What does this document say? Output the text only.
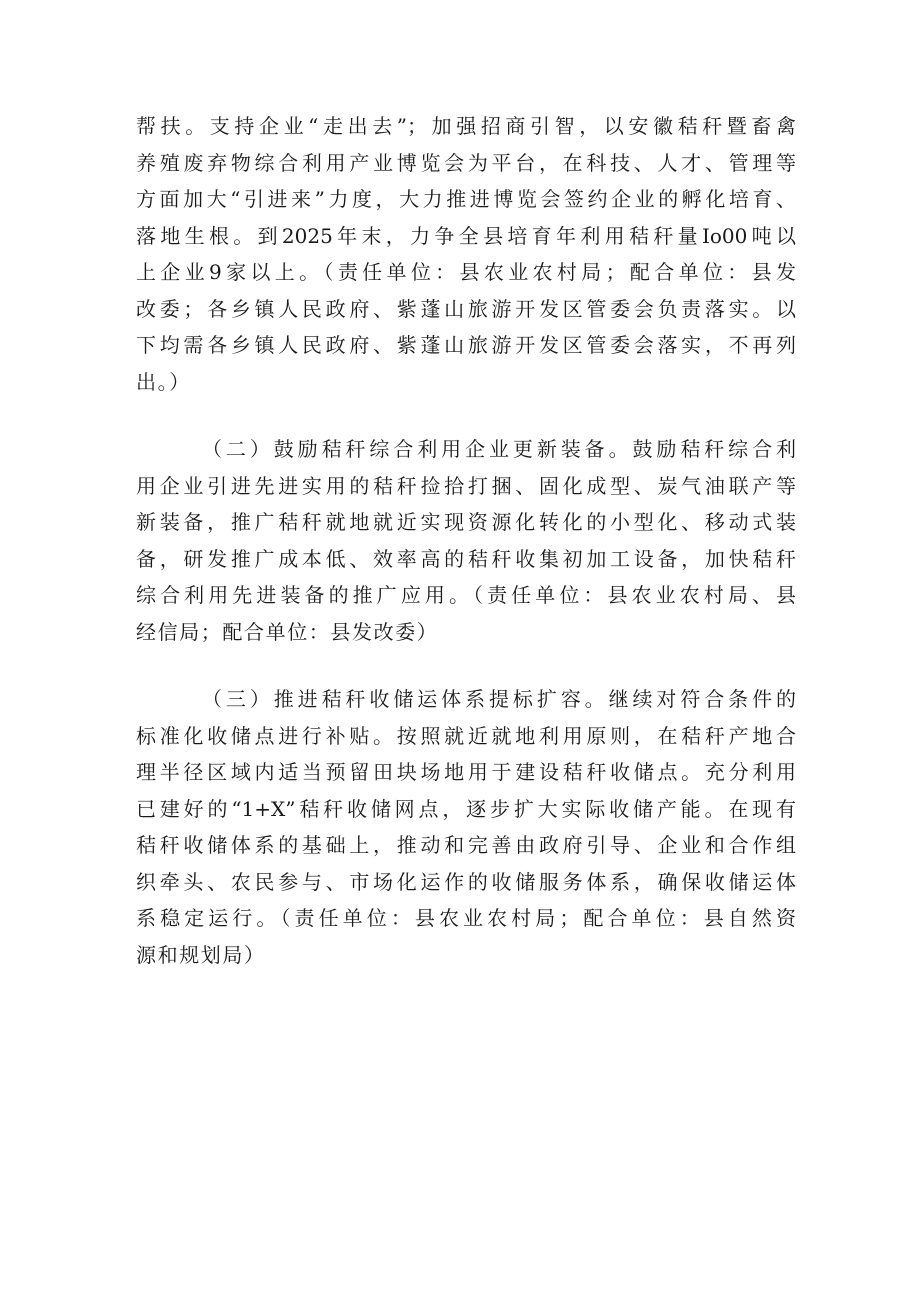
帮扶。支持企业“走出去”；加强招商引智，以安徽秸秆暨畜禽
养殖废弃物综合利用产业博览会为平台，在科技、人才、管理等
方面加大“引进来”力度，大力推进博览会签约企业的孵化培育、
落地生根。到2025年末，力争全县培育年利用秸秆量Io00吨以
上企业9家以上。（责任单位：县农业农村局；配合单位：县发
改委；各乡镇人民政府、紫蓬山旅游开发区管委会负责落实。以
下均需各乡镇人民政府、紫蓬山旅游开发区管委会落实，不再列
出。）
（二）鼓励秸秆综合利用企业更新装备。鼓励秸秆综合利
用企业引进先进实用的秸秆捡拾打捆、固化成型、炭气油联产等
新装备，推广秸秆就地就近实现资源化转化的小型化、移动式装
备，研发推广成本低、效率高的秸秆收集初加工设备，加快秸秆
综合利用先进装备的推广应用。（责任单位：县农业农村局、县
经信局；配合单位：县发改委）
（三）推进秸秆收储运体系提标扩容。继续对符合条件的
标准化收储点进行补贴。按照就近就地利用原则，在秸秆产地合
理半径区域内适当预留田块场地用于建设秸秆收储点。充分利用
已建好的“1+X”秸秆收储网点，逐步扩大实际收储产能。在现有
秸秆收储体系的基础上，推动和完善由政府引导、企业和合作组
织牵头、农民参与、市场化运作的收储服务体系，确保收储运体
系稳定运行。（责任单位：县农业农村局；配合单位：县自然资
源和规划局）
